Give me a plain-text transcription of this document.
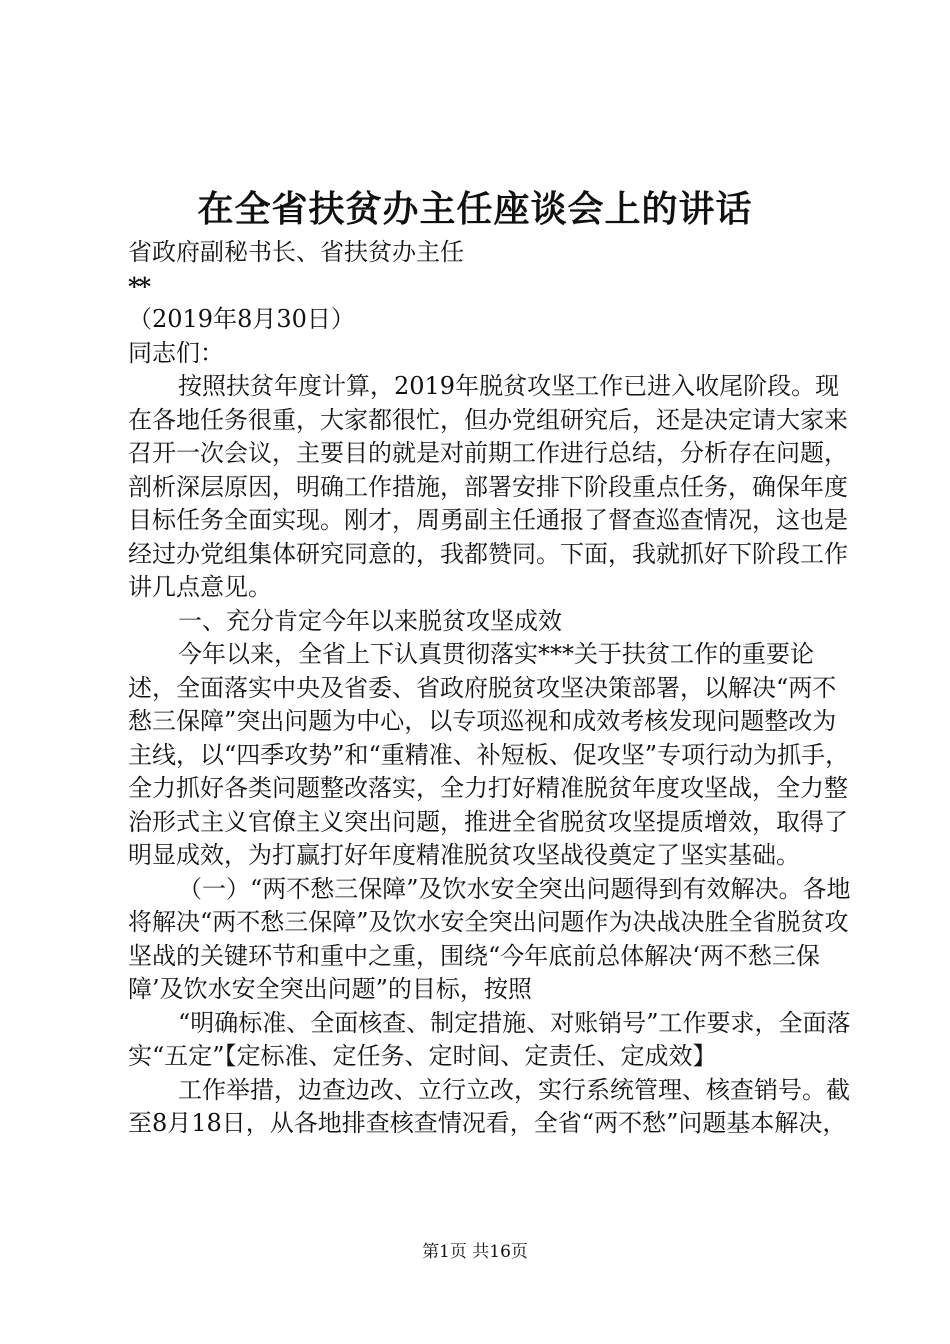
在全省扶贫办主任座谈会上的讲话

省政府副秘书长、省扶贫办主任

**

（2019年8月30日）

同志们：

按照扶贫年度计算，2019年脱贫攻坚工作已进入收尾阶段。现在各地任务很重，大家都很忙，但办党组研究后，还是决定请大家来召开一次会议，主要目的就是对前期工作进行总结，分析存在问题，剖析深层原因，明确工作措施，部署安排下阶段重点任务，确保年度目标任务全面实现。刚才，周勇副主任通报了督查巡查情况，这也是经过办党组集体研究同意的，我都赞同。下面，我就抓好下阶段工作讲几点意见。

一、充分肯定今年以来脱贫攻坚成效

今年以来，全省上下认真贯彻落实***关于扶贫工作的重要论述，全面落实中央及省委、省政府脱贫攻坚决策部署，以解决“两不愁三保障”突出问题为中心，以专项巡视和成效考核发现问题整改为主线，以“四季攻势”和“重精准、补短板、促攻坚”专项行动为抓手，全力抓好各类问题整改落实，全力打好精准脱贫年度攻坚战，全力整治形式主义官僚主义突出问题，推进全省脱贫攻坚提质增效，取得了明显成效，为打赢打好年度精准脱贫攻坚战役奠定了坚实基础。

（一）“两不愁三保障”及饮水安全突出问题得到有效解决。各地将解决“两不愁三保障”及饮水安全突出问题作为决战决胜全省脱贫攻坚战的关键环节和重中之重，围绕“今年底前总体解决‘两不愁三保障’及饮水安全突出问题”的目标，按照

“明确标准、全面核查、制定措施、对账销号”工作要求，全面落实“五定”【定标准、定任务、定时间、定责任、定成效】

工作举措，边查边改、立行立改，实行系统管理、核查销号。截至8月18日，从各地排查核查情况看，全省“两不愁”问题基本解决，

第1页 共16页
